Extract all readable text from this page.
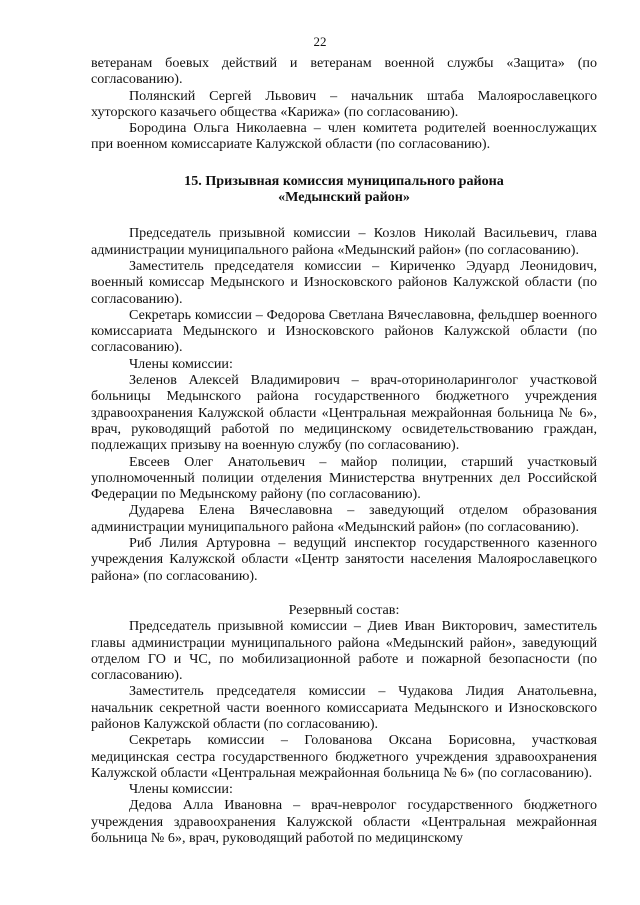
22

ветеранам боевых действий и ветеранам военной службы «Защита» (по согласованию).

Полянский Сергей Львович – начальник штаба Малоярославецкого хуторского казачьего общества «Карижа» (по согласованию).

Бородина Ольга Николаевна – член комитета родителей военнослужащих при военном комиссариате Калужской области (по согласованию).

15. Призывная комиссия муниципального района
«Медынский район»

Председатель призывной комиссии – Козлов Николай Васильевич, глава администрации муниципального района «Медынский район» (по согласованию).

Заместитель председателя комиссии – Кириченко Эдуард Леонидович, военный комиссар Медынского и Износковского районов Калужской области (по согласованию).

Секретарь комиссии – Федорова Светлана Вячеславовна, фельдшер военного комиссариата Медынского и Износковского районов Калужской области (по согласованию).

Члены комиссии:

Зеленов Алексей Владимирович – врач-оториноларинголог участковой больницы Медынского района государственного бюджетного учреждения здравоохранения Калужской области «Центральная межрайонная больница № 6», врач, руководящий работой по медицинскому освидетельствованию граждан, подлежащих призыву на военную службу (по согласованию).

Евсеев Олег Анатольевич – майор полиции, старший участковый уполномоченный полиции отделения Министерства внутренних дел Российской Федерации по Медынскому району (по согласованию).

Дударева Елена Вячеславовна – заведующий отделом образования администрации муниципального района «Медынский район» (по согласованию).

Риб Лилия Артуровна – ведущий инспектор государственного казенного учреждения Калужской области «Центр занятости населения Малоярославецкого района» (по согласованию).

Резервный состав:

Председатель призывной комиссии – Диев Иван Викторович, заместитель главы администрации муниципального района «Медынский район», заведующий отделом ГО и ЧС, по мобилизационной работе и пожарной безопасности (по согласованию).

Заместитель председателя комиссии – Чудакова Лидия Анатольевна, начальник секретной части военного комиссариата Медынского и Износковского районов Калужской области (по согласованию).

Секретарь комиссии – Голованова Оксана Борисовна, участковая медицинская сестра государственного бюджетного учреждения здравоохранения Калужской области «Центральная межрайонная больница № 6» (по согласованию).

Члены комиссии:

Дедова Алла Ивановна – врач-невролог государственного бюджетного учреждения здравоохранения Калужской области «Центральная межрайонная больница № 6», врач, руководящий работой по медицинскому
